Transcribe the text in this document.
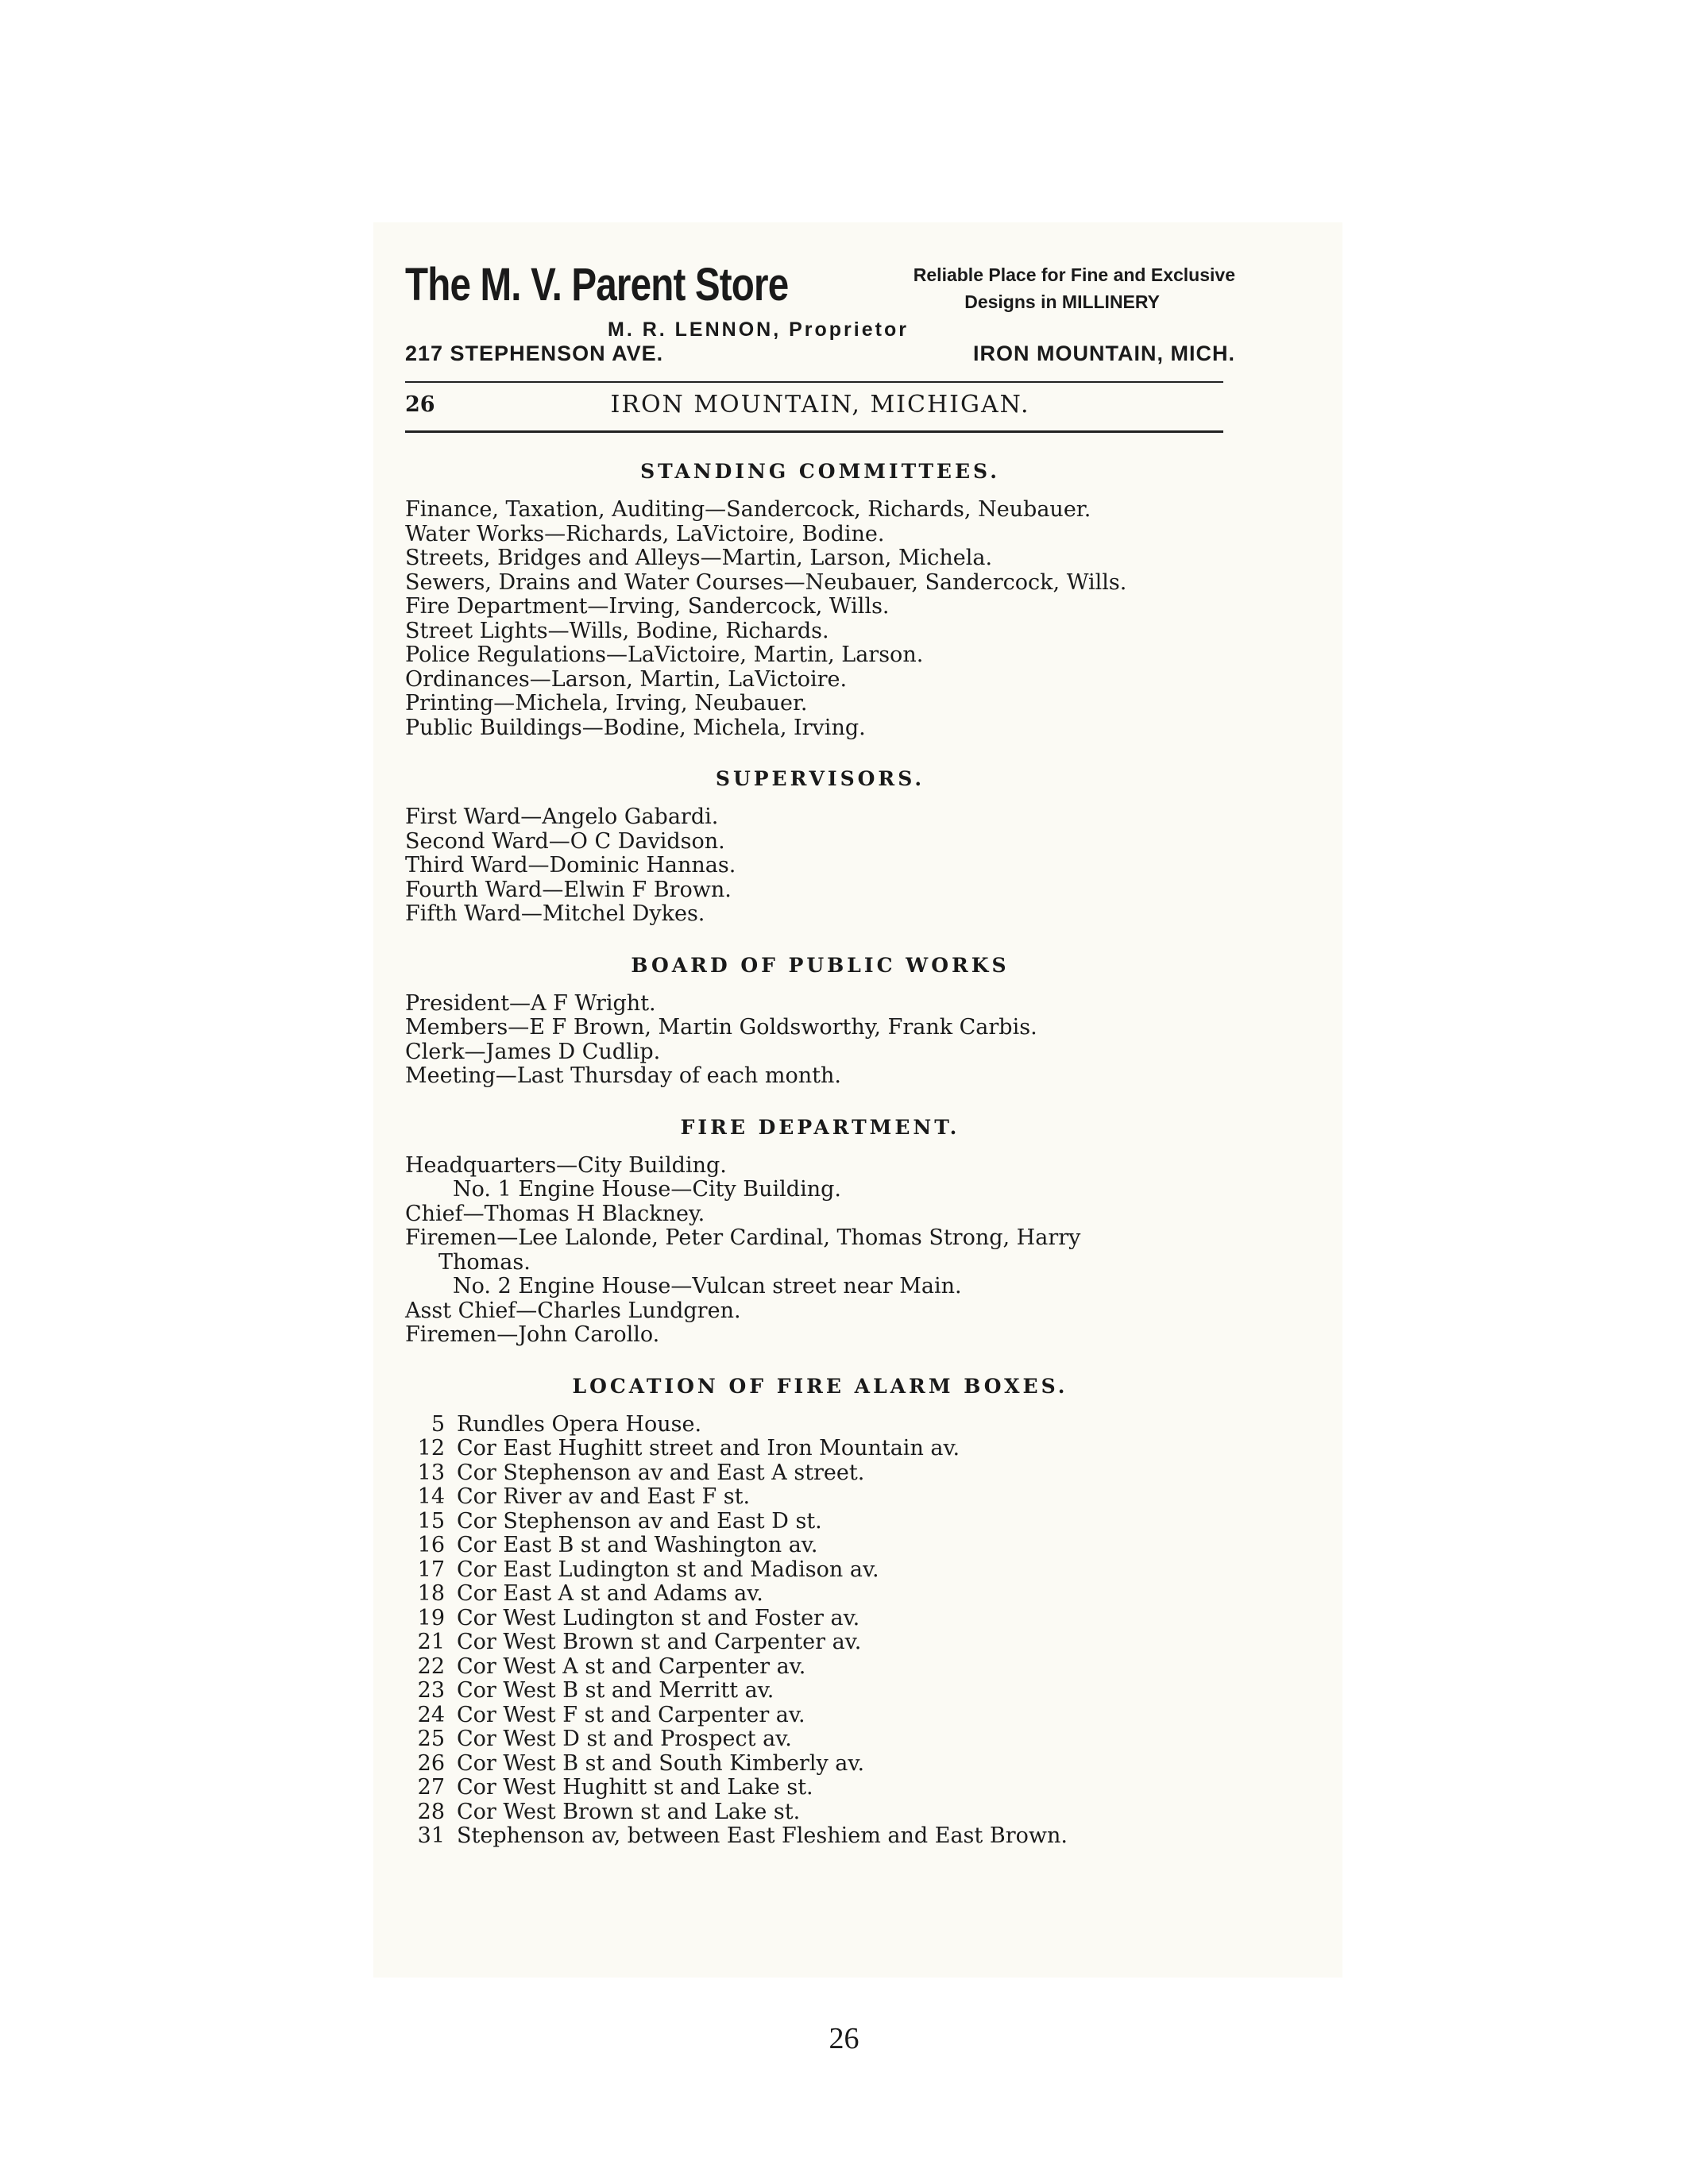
The M. V. Parent Store	Reliable Place for Fine and Exclusive
Designs in MILLINERY
M. R. LENNON, Proprietor
217 STEPHENSON AVE.	IRON MOUNTAIN, MICH.
26	IRON MOUNTAIN, MICHIGAN.
STANDING COMMITTEES.
Finance, Taxation, Auditing—Sandercock, Richards, Neubauer.
Water Works—Richards, LaVictoire, Bodine.
Streets, Bridges and Alleys—Martin, Larson, Michela.
Sewers, Drains and Water Courses—Neubauer, Sandercock, Wills.
Fire Department—Irving, Sandercock, Wills.
Street Lights—Wills, Bodine, Richards.
Police Regulations—LaVictoire, Martin, Larson.
Ordinances—Larson, Martin, LaVictoire.
Printing—Michela, Irving, Neubauer.
Public Buildings—Bodine, Michela, Irving.
SUPERVISORS.
First Ward—Angelo Gabardi.
Second Ward—O C Davidson.
Third Ward—Dominic Hannas.
Fourth Ward—Elwin F Brown.
Fifth Ward—Mitchel Dykes.
BOARD OF PUBLIC WORKS
President—A F Wright.
Members—E F Brown, Martin Goldsworthy, Frank Carbis.
Clerk—James D Cudlip.
Meeting—Last Thursday of each month.
FIRE DEPARTMENT.
Headquarters—City Building.
No. 1 Engine House—City Building.
Chief—Thomas H Blackney.
Firemen—Lee Lalonde, Peter Cardinal, Thomas Strong, Harry
Thomas.
No. 2 Engine House—Vulcan street near Main.
Asst Chief—Charles Lundgren.
Firemen—John Carollo.
LOCATION OF FIRE ALARM BOXES.
5 Rundles Opera House.
12 Cor East Hughitt street and Iron Mountain av.
13 Cor Stephenson av and East A street.
14 Cor River av and East F st.
15 Cor Stephenson av and East D st.
16 Cor East B st and Washington av.
17 Cor East Ludington st and Madison av.
18 Cor East A st and Adams av.
19 Cor West Ludington st and Foster av.
21 Cor West Brown st and Carpenter av.
22 Cor West A st and Carpenter av.
23 Cor West B st and Merritt av.
24 Cor West F st and Carpenter av.
25 Cor West D st and Prospect av.
26 Cor West B st and South Kimberly av.
27 Cor West Hughitt st and Lake st.
28 Cor West Brown st and Lake st.
31 Stephenson av, between East Fleshiem and East Brown.
26
